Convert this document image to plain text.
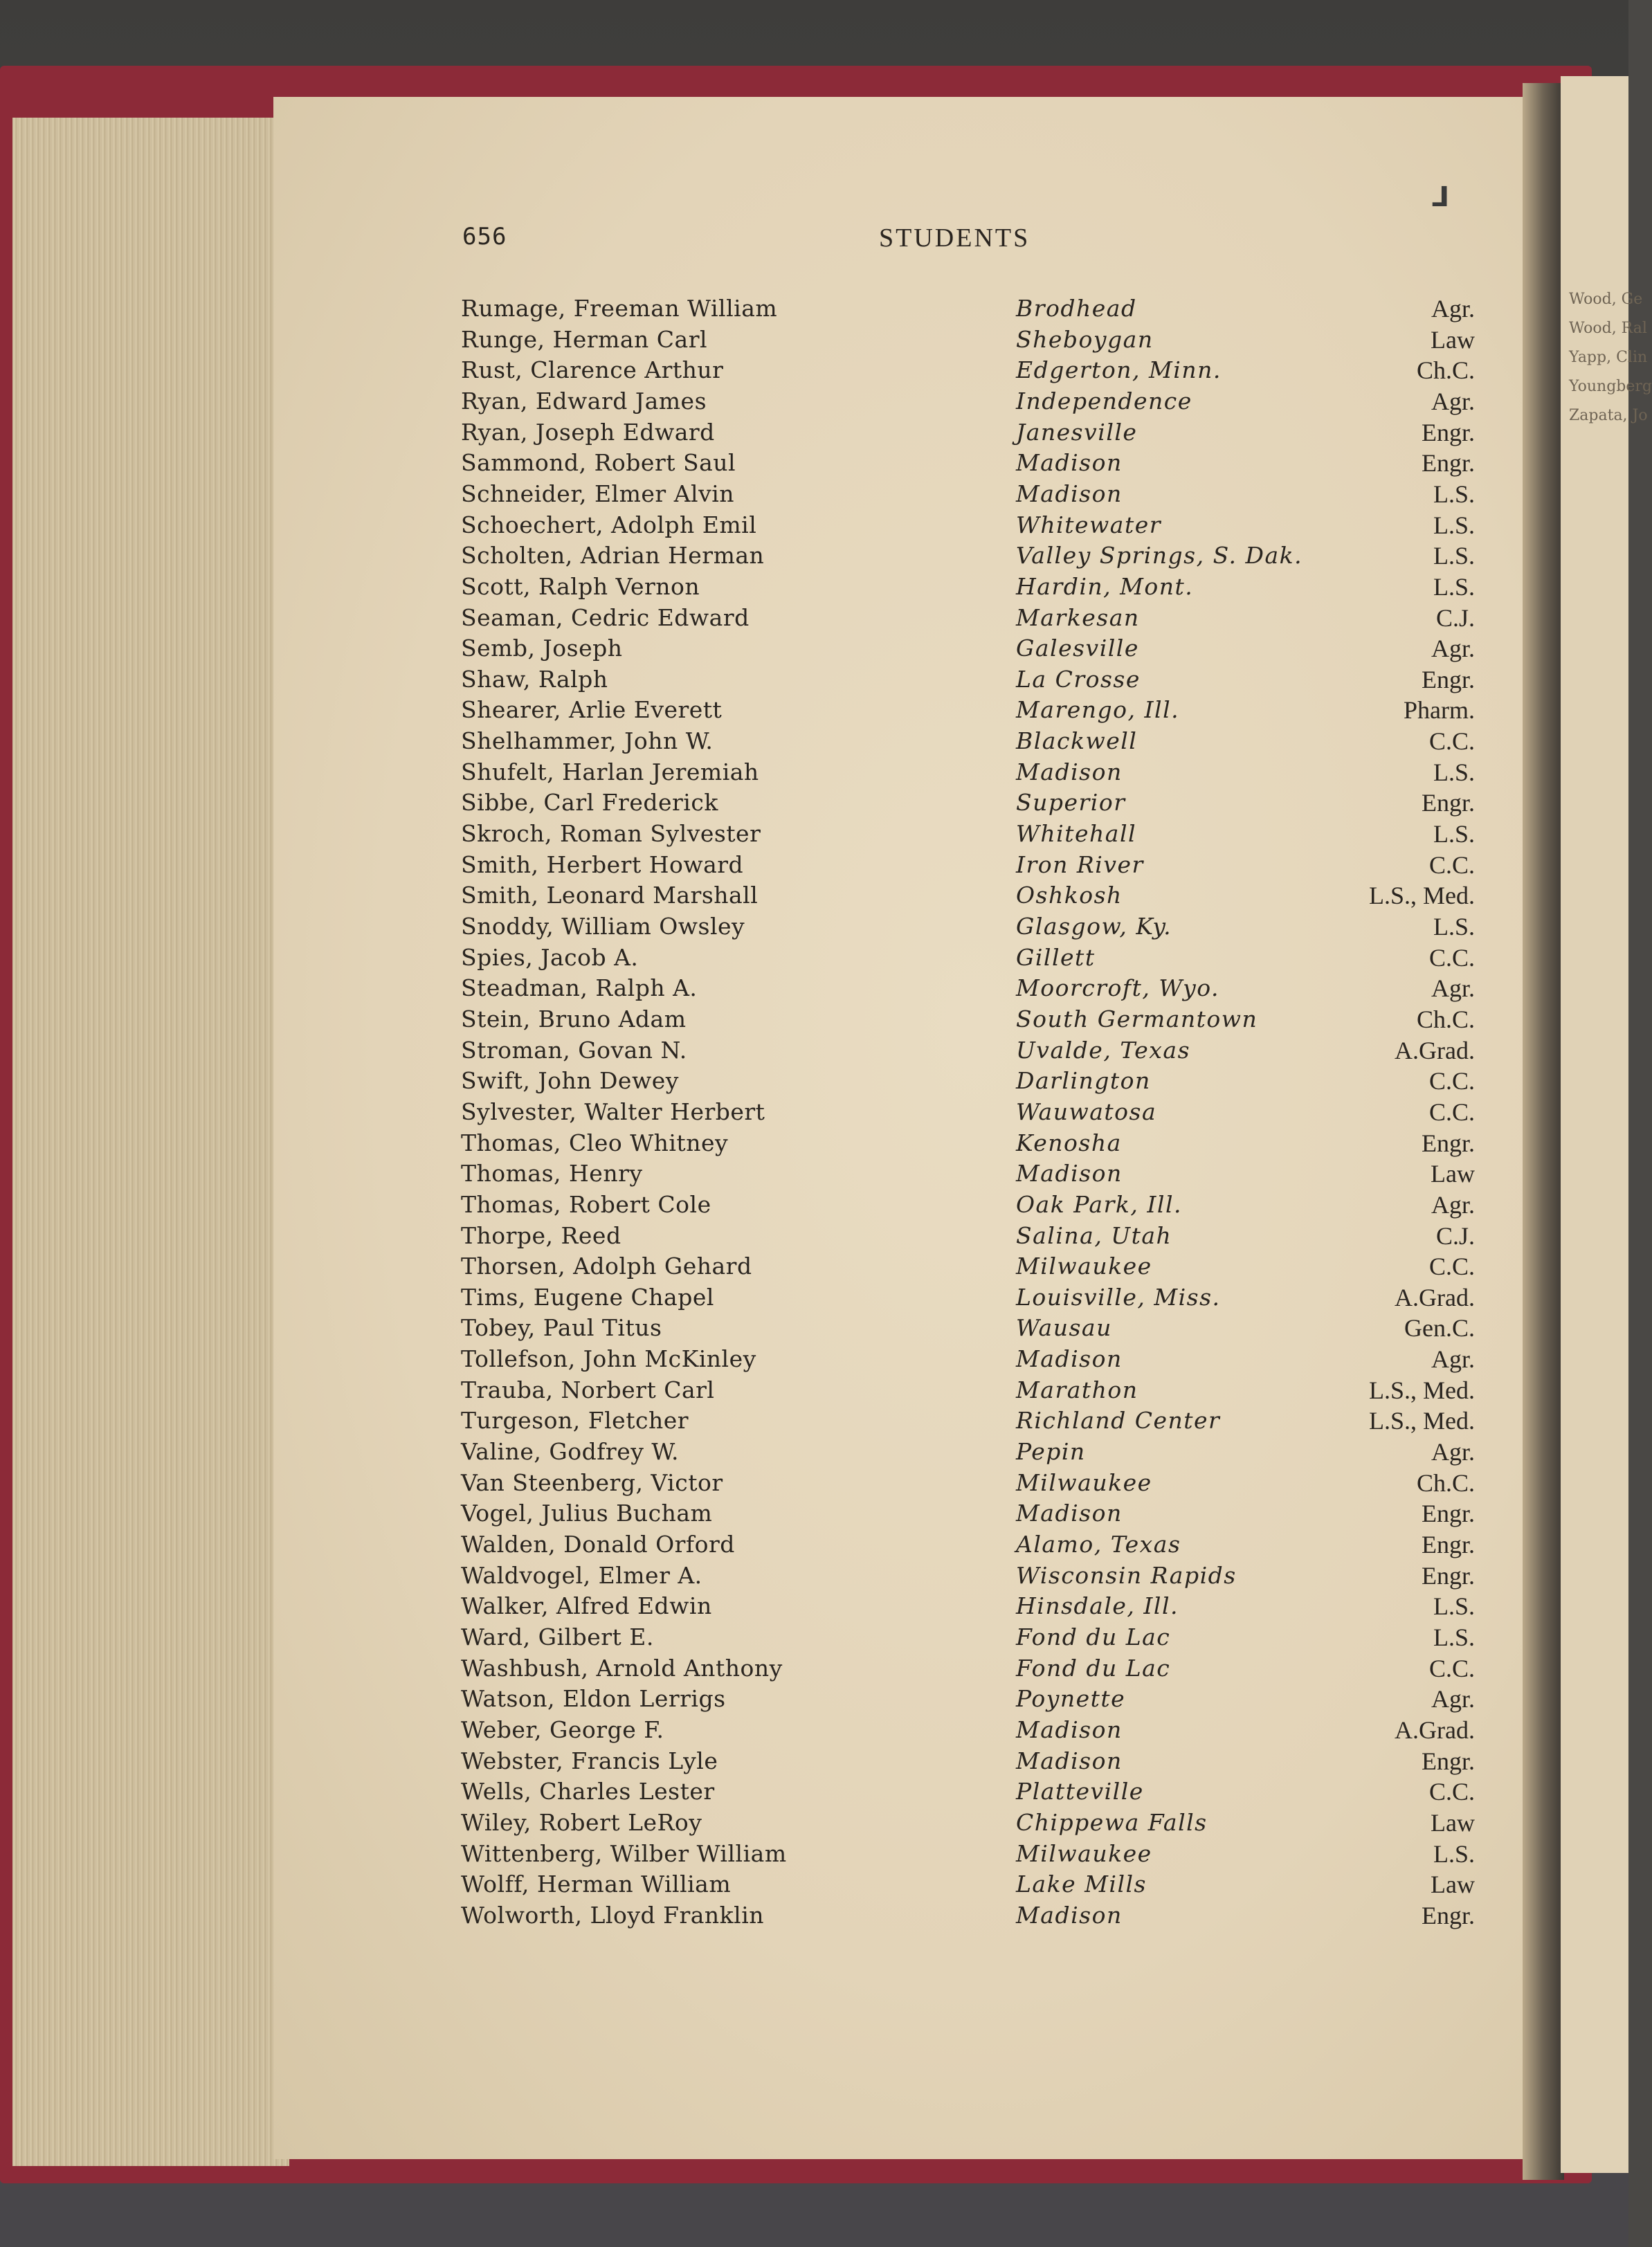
Wood, Ge
Wood, Ral
Yapp, Clin
Youngberg
Zapata, Jo
656	STUDENTS
⅃
Rumage, Freeman William	Brodhead	Agr.
Runge, Herman Carl	Sheboygan	Law
Rust, Clarence Arthur	Edgerton, Minn.	Ch.C.
Ryan, Edward James	Independence	Agr.
Ryan, Joseph Edward	Janesville	Engr.
Sammond, Robert Saul	Madison	Engr.
Schneider, Elmer Alvin	Madison	L.S.
Schoechert, Adolph Emil	Whitewater	L.S.
Scholten, Adrian Herman	Valley Springs, S. Dak.	L.S.
Scott, Ralph Vernon	Hardin, Mont.	L.S.
Seaman, Cedric Edward	Markesan	C.J.
Semb, Joseph	Galesville	Agr.
Shaw, Ralph	La Crosse	Engr.
Shearer, Arlie Everett	Marengo, Ill.	Pharm.
Shelhammer, John W.	Blackwell	C.C.
Shufelt, Harlan Jeremiah	Madison	L.S.
Sibbe, Carl Frederick	Superior	Engr.
Skroch, Roman Sylvester	Whitehall	L.S.
Smith, Herbert Howard	Iron River	C.C.
Smith, Leonard Marshall	Oshkosh	L.S., Med.
Snoddy, William Owsley	Glasgow, Ky.	L.S.
Spies, Jacob A.	Gillett	C.C.
Steadman, Ralph A.	Moorcroft, Wyo.	Agr.
Stein, Bruno Adam	South Germantown	Ch.C.
Stroman, Govan N.	Uvalde, Texas	A.Grad.
Swift, John Dewey	Darlington	C.C.
Sylvester, Walter Herbert	Wauwatosa	C.C.
Thomas, Cleo Whitney	Kenosha	Engr.
Thomas, Henry	Madison	Law
Thomas, Robert Cole	Oak Park, Ill.	Agr.
Thorpe, Reed	Salina, Utah	C.J.
Thorsen, Adolph Gehard	Milwaukee	C.C.
Tims, Eugene Chapel	Louisville, Miss.	A.Grad.
Tobey, Paul Titus	Wausau	Gen.C.
Tollefson, John McKinley	Madison	Agr.
Trauba, Norbert Carl	Marathon	L.S., Med.
Turgeson, Fletcher	Richland Center	L.S., Med.
Valine, Godfrey W.	Pepin	Agr.
Van Steenberg, Victor	Milwaukee	Ch.C.
Vogel, Julius Bucham	Madison	Engr.
Walden, Donald Orford	Alamo, Texas	Engr.
Waldvogel, Elmer A.	Wisconsin Rapids	Engr.
Walker, Alfred Edwin	Hinsdale, Ill.	L.S.
Ward, Gilbert E.	Fond du Lac	L.S.
Washbush, Arnold Anthony	Fond du Lac	C.C.
Watson, Eldon Lerrigs	Poynette	Agr.
Weber, George F.	Madison	A.Grad.
Webster, Francis Lyle	Madison	Engr.
Wells, Charles Lester	Platteville	C.C.
Wiley, Robert LeRoy	Chippewa Falls	Law
Wittenberg, Wilber William	Milwaukee	L.S.
Wolff, Herman William	Lake Mills	Law
Wolworth, Lloyd Franklin	Madison	Engr.
